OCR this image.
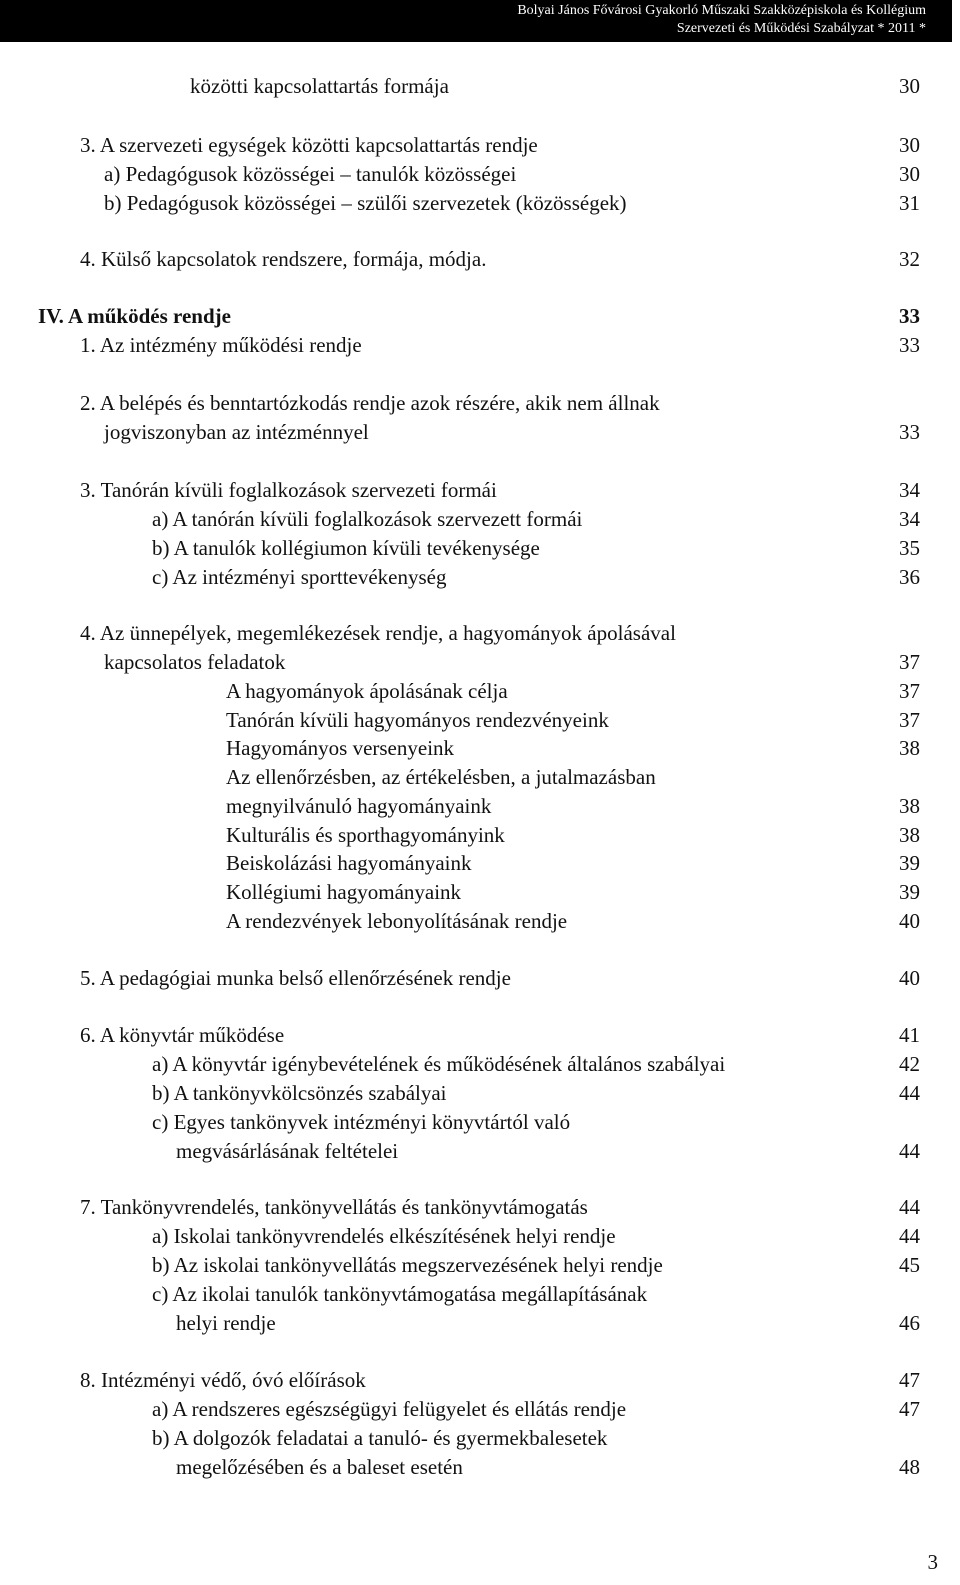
Bolyai János Fővárosi Gyakorló Műszaki Szakközépiskola és Kollégium
Szervezeti és Működési Szabályzat * 2011 *
közötti kapcsolattartás formája	30
3. A szervezeti egységek közötti kapcsolattartás rendje	30
a) Pedagógusok közösségei – tanulók közösségei	30
b) Pedagógusok közösségei – szülői szervezetek (közösségek)	31
4. Külső kapcsolatok rendszere, formája, módja.	32
IV. A működés rendje	33
1. Az intézmény működési rendje	33
2. A belépés és benntartózkodás rendje azok részére, akik nem állnak
jogviszonyban az intézménnyel	33
3. Tanórán kívüli foglalkozások szervezeti formái	34
a) A tanórán kívüli foglalkozások szervezett formái	34
b) A tanulók kollégiumon kívüli tevékenysége	35
c) Az intézményi sporttevékenység	36
4. Az ünnepélyek, megemlékezések rendje, a hagyományok ápolásával
kapcsolatos feladatok	37
A hagyományok ápolásának célja	37
Tanórán kívüli hagyományos rendezvényeink	37
Hagyományos versenyeink	38
Az ellenőrzésben, az értékelésben, a jutalmazásban
megnyilvánuló hagyományaink	38
Kulturális és sporthagyományink	38
Beiskolázási hagyományaink	39
Kollégiumi hagyományaink	39
A rendezvények lebonyolításának rendje	40
5. A pedagógiai munka belső ellenőrzésének rendje	40
6. A könyvtár működése	41
a) A könyvtár igénybevételének és működésének általános szabályai	42
b) A tankönyvkölcsönzés szabályai	44
c) Egyes tankönyvek intézményi könyvtártól való
megvásárlásának feltételei	44
7. Tankönyvrendelés, tankönyvellátás és tankönyvtámogatás	44
a) Iskolai tankönyvrendelés elkészítésének helyi rendje	44
b) Az iskolai tankönyvellátás megszervezésének helyi rendje	45
c) Az ikolai tanulók tankönyvtámogatása megállapításának
helyi rendje	46
8. Intézményi védő, óvó előírások	47
a) A rendszeres egészségügyi felügyelet és ellátás rendje	47
b) A dolgozók feladatai a tanuló- és gyermekbalesetek
megelőzésében és a baleset esetén	48
3
